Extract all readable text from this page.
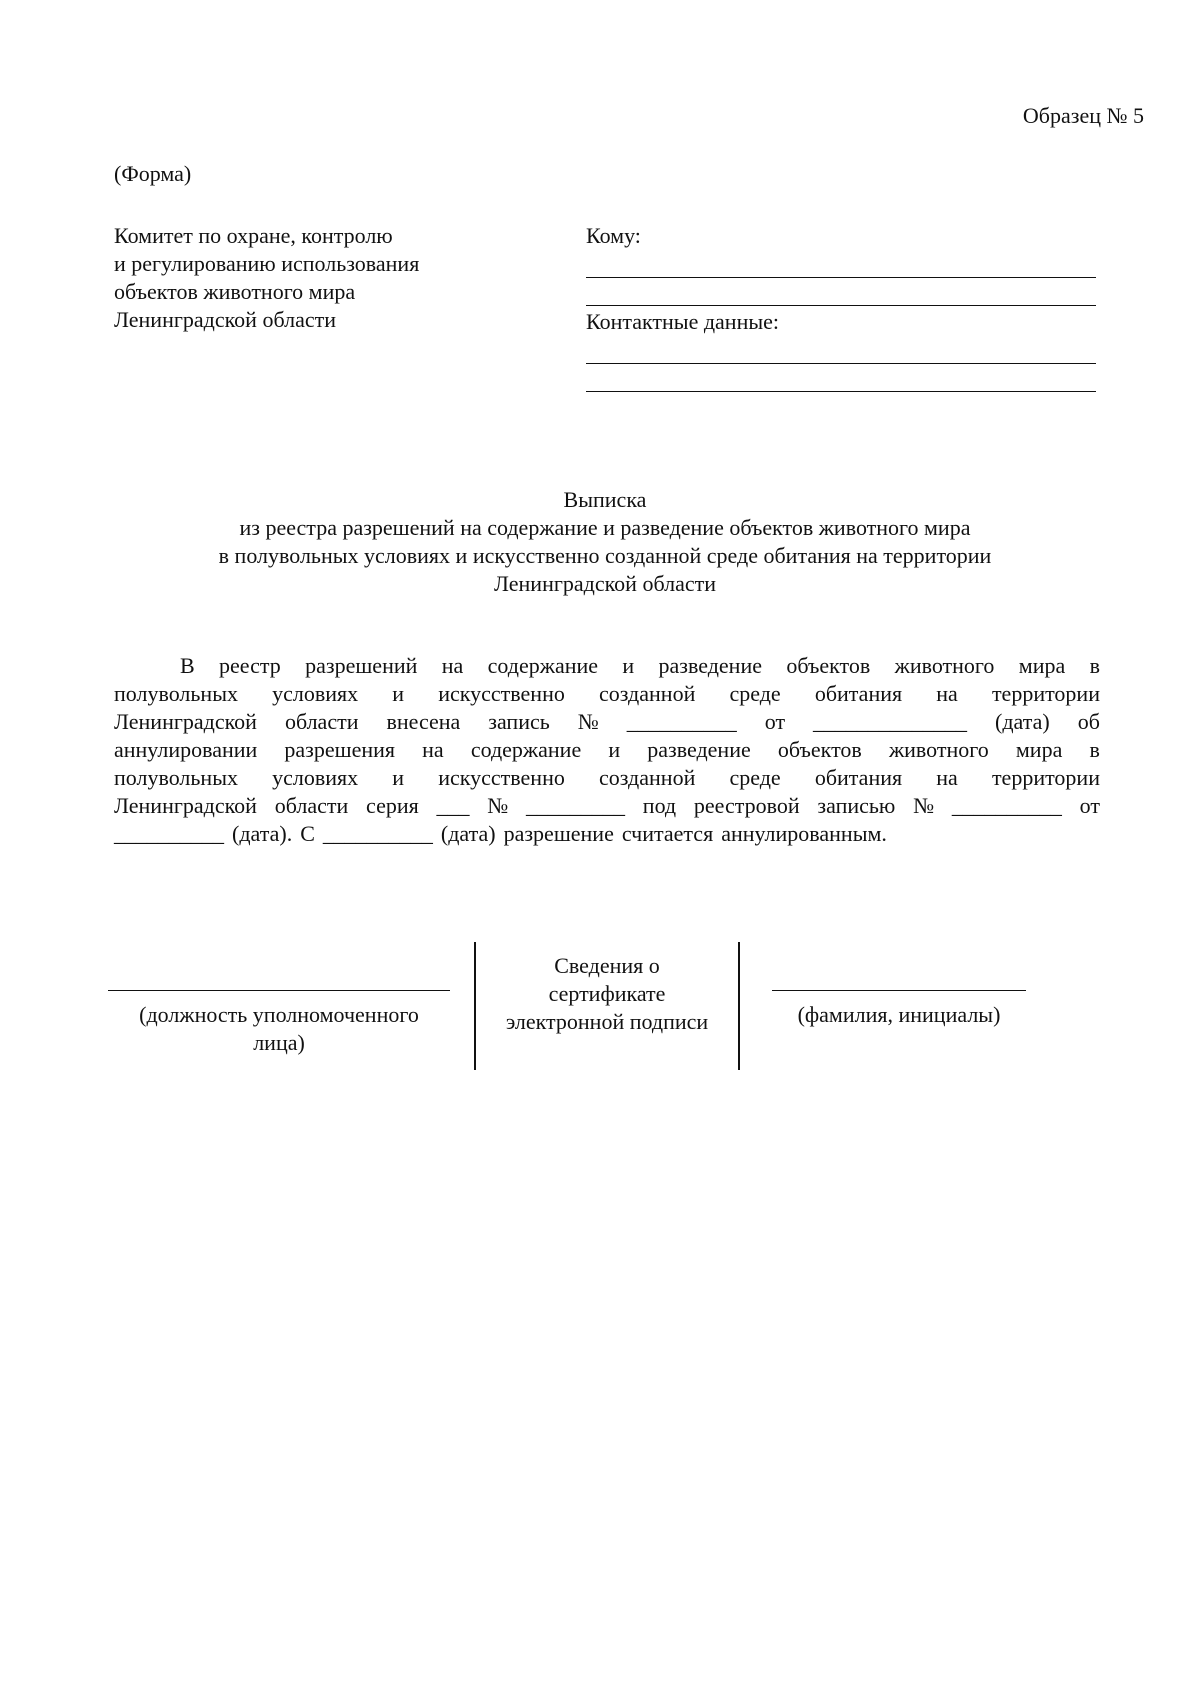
Образец № 5
(Форма)
Комитет по охране, контролю
и регулированию использования
объектов животного мира
Ленинградской области
Кому:
Контактные данные:
Выписка
из реестра разрешений на содержание и разведение объектов животного мира
в полувольных условиях и искусственно созданной среде обитания на территории
Ленинградской области
В реестр разрешений на содержание и разведение объектов животного мира в
полувольных условиях и искусственно созданной среде обитания на территории
Ленинградской области внесена запись № __________ от ______________ (дата) об
аннулировании разрешения на содержание и разведение объектов животного мира в
полувольных условиях и искусственно созданной среде обитания на территории
Ленинградской области серия ___ № _________ под реестровой записью № __________ от
__________ (дата). С __________ (дата) разрешение считается аннулированным.
(должность уполномоченного
лица)
Сведения о
сертификате
электронной подписи	(фамилия, инициалы)
